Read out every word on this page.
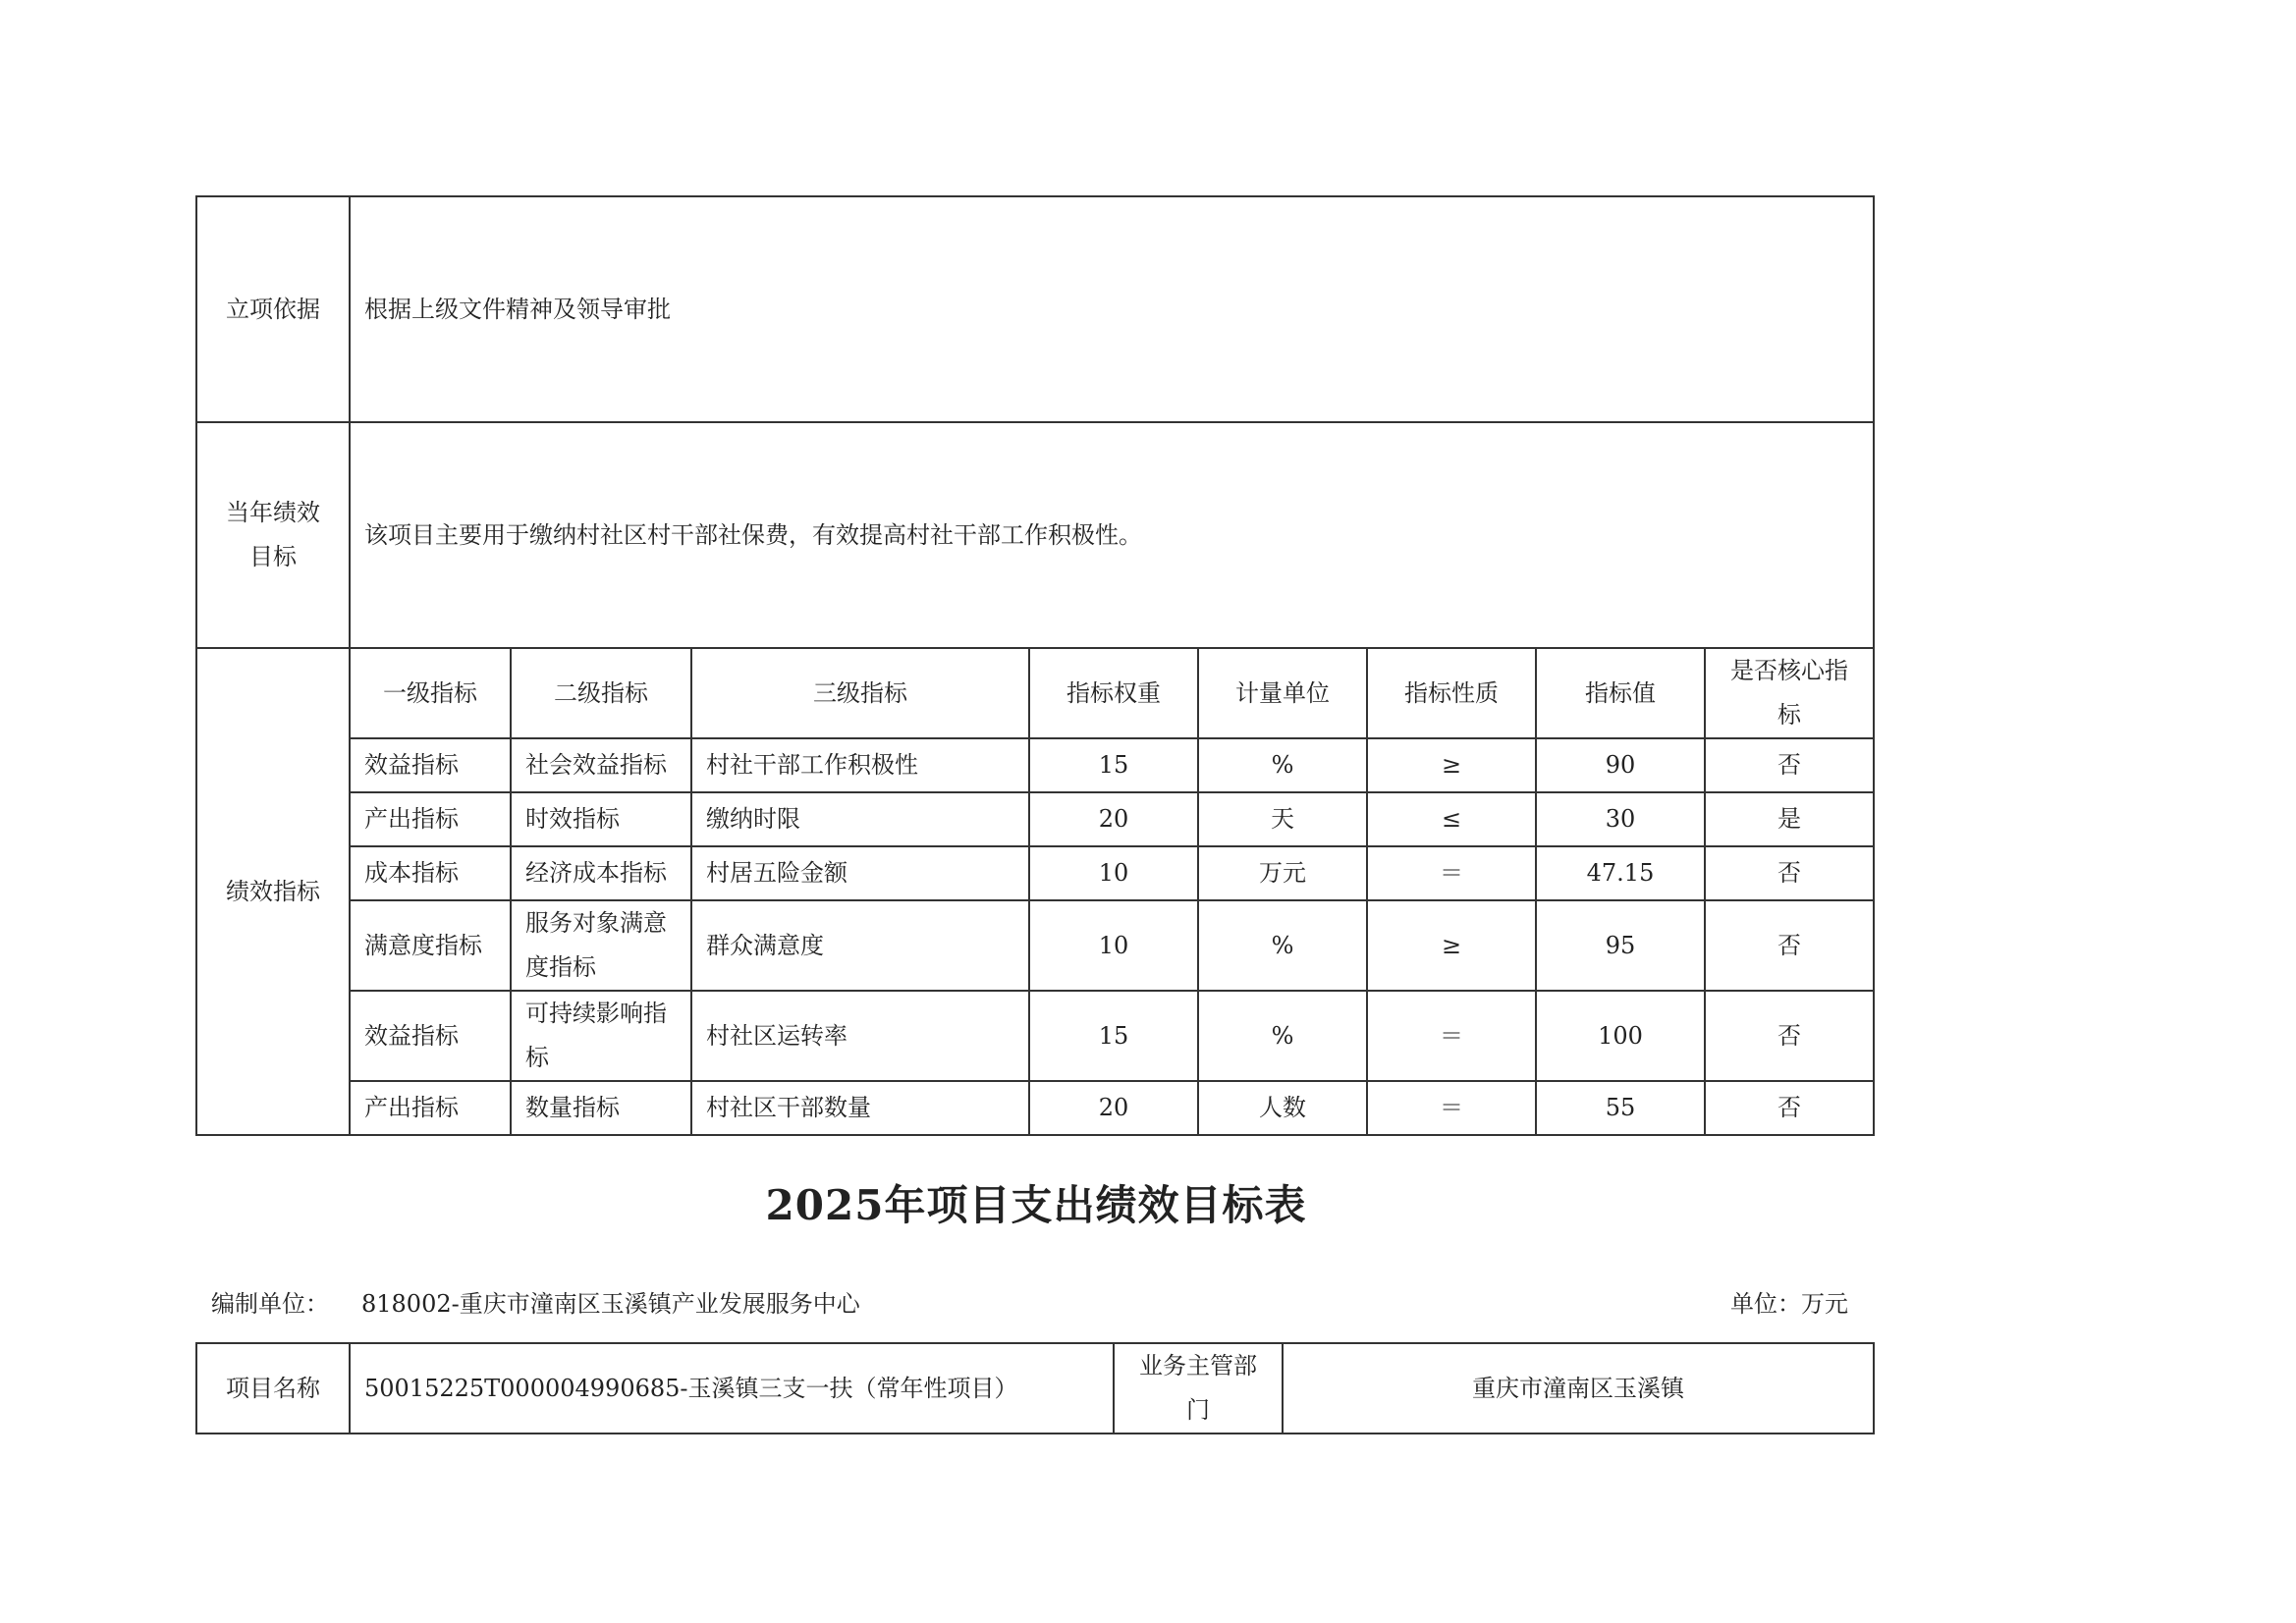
立项依据	根据上级文件精神及领导审批							
当年绩效
目标	该项目主要用于缴纳村社区村干部社保费，有效提高村社干部工作积极性。							
绩效指标	一级指标	二级指标	三级指标	指标权重	计量单位	指标性质	指标值	是否核心指标
	效益指标	社会效益指标	村社干部工作积极性	15	%	≥	90	否
	产出指标	时效指标	缴纳时限	20	天	≤	30	是
	成本指标	经济成本指标	村居五险金额	10	万元	＝	47.15	否
	满意度指标	服务对象满意度指标	群众满意度	10	%	≥	95	否
	效益指标	可持续影响指标	村社区运转率	15	%	＝	100	否
	产出指标	数量指标	村社区干部数量	20	人数	＝	55	否
2025年项目支出绩效目标表
编制单位： 818002-重庆市潼南区玉溪镇产业发展服务中心	单位：万元
项目名称	50015225T000004990685-玉溪镇三支一扶（常年性项目）	业务主管部门	重庆市潼南区玉溪镇
